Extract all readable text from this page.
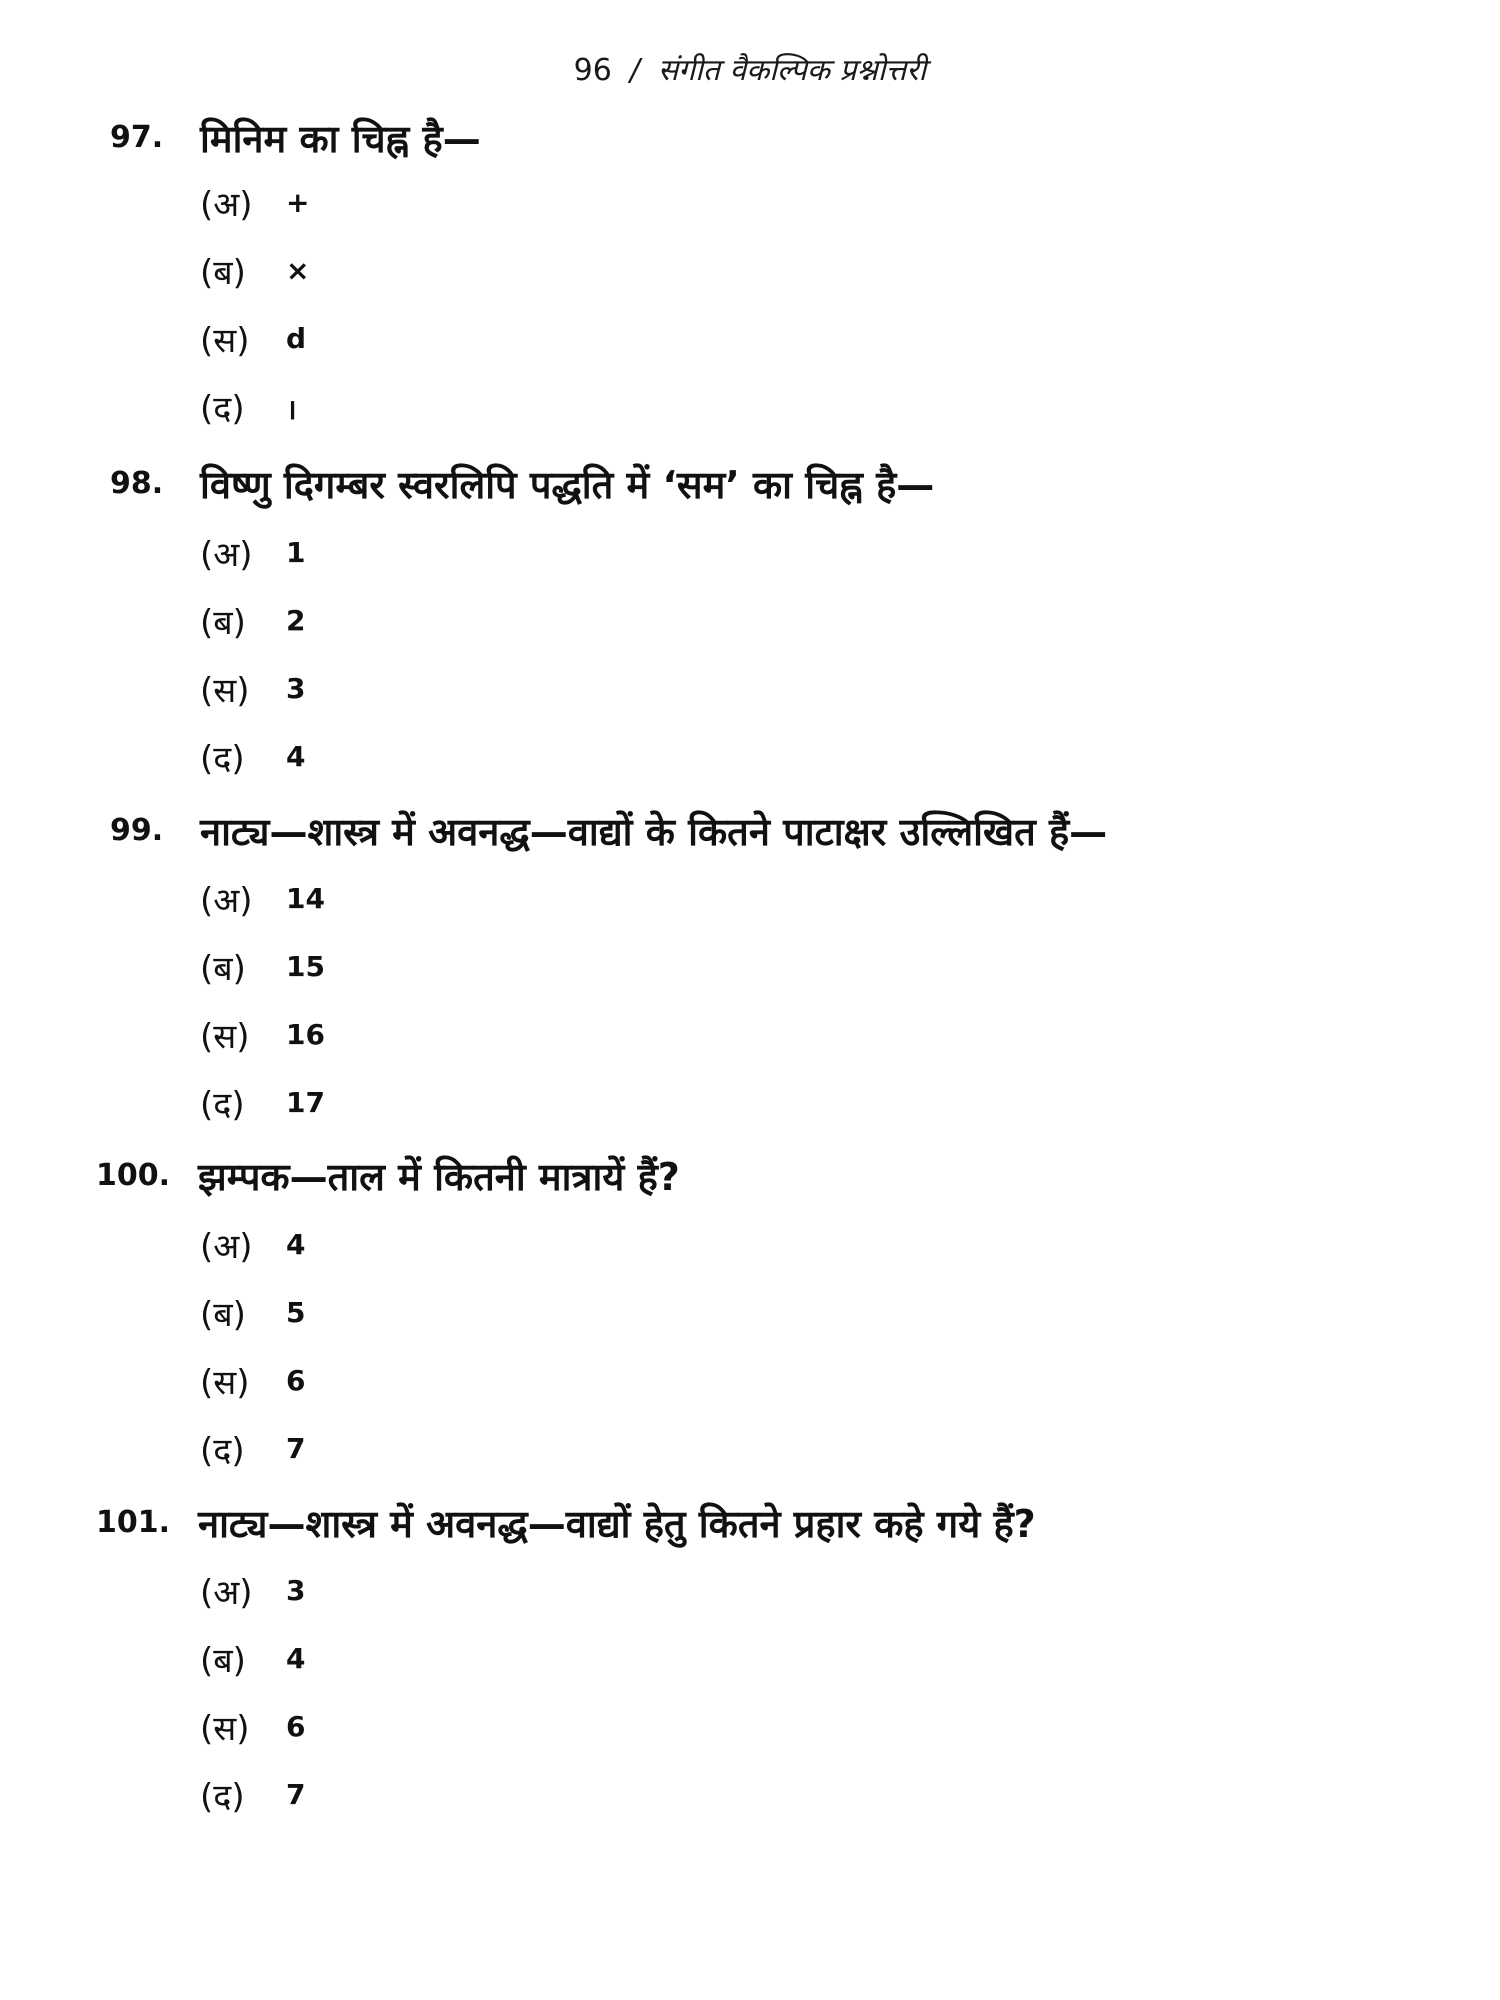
96 / संगीत वैकल्पिक प्रश्नोत्तरी
97. मिनिम का चिह्न है—
(अ) +
(ब) ×
(स) d
(द) ।
98. विष्णु दिगम्बर स्वरलिपि पद्धति में ‘सम’ का चिह्न है—
(अ) 1
(ब) 2
(स) 3
(द) 4
99. नाट्य—शास्त्र में अवनद्ध—वाद्यों के कितने पाटाक्षर उल्लिखित हैं—
(अ) 14
(ब) 15
(स) 16
(द) 17
100. झम्पक—ताल में कितनी मात्रायें हैं?
(अ) 4
(ब) 5
(स) 6
(द) 7
101. नाट्य—शास्त्र में अवनद्ध—वाद्यों हेतु कितने प्रहार कहे गये हैं?
(अ) 3
(ब) 4
(स) 6
(द) 7
